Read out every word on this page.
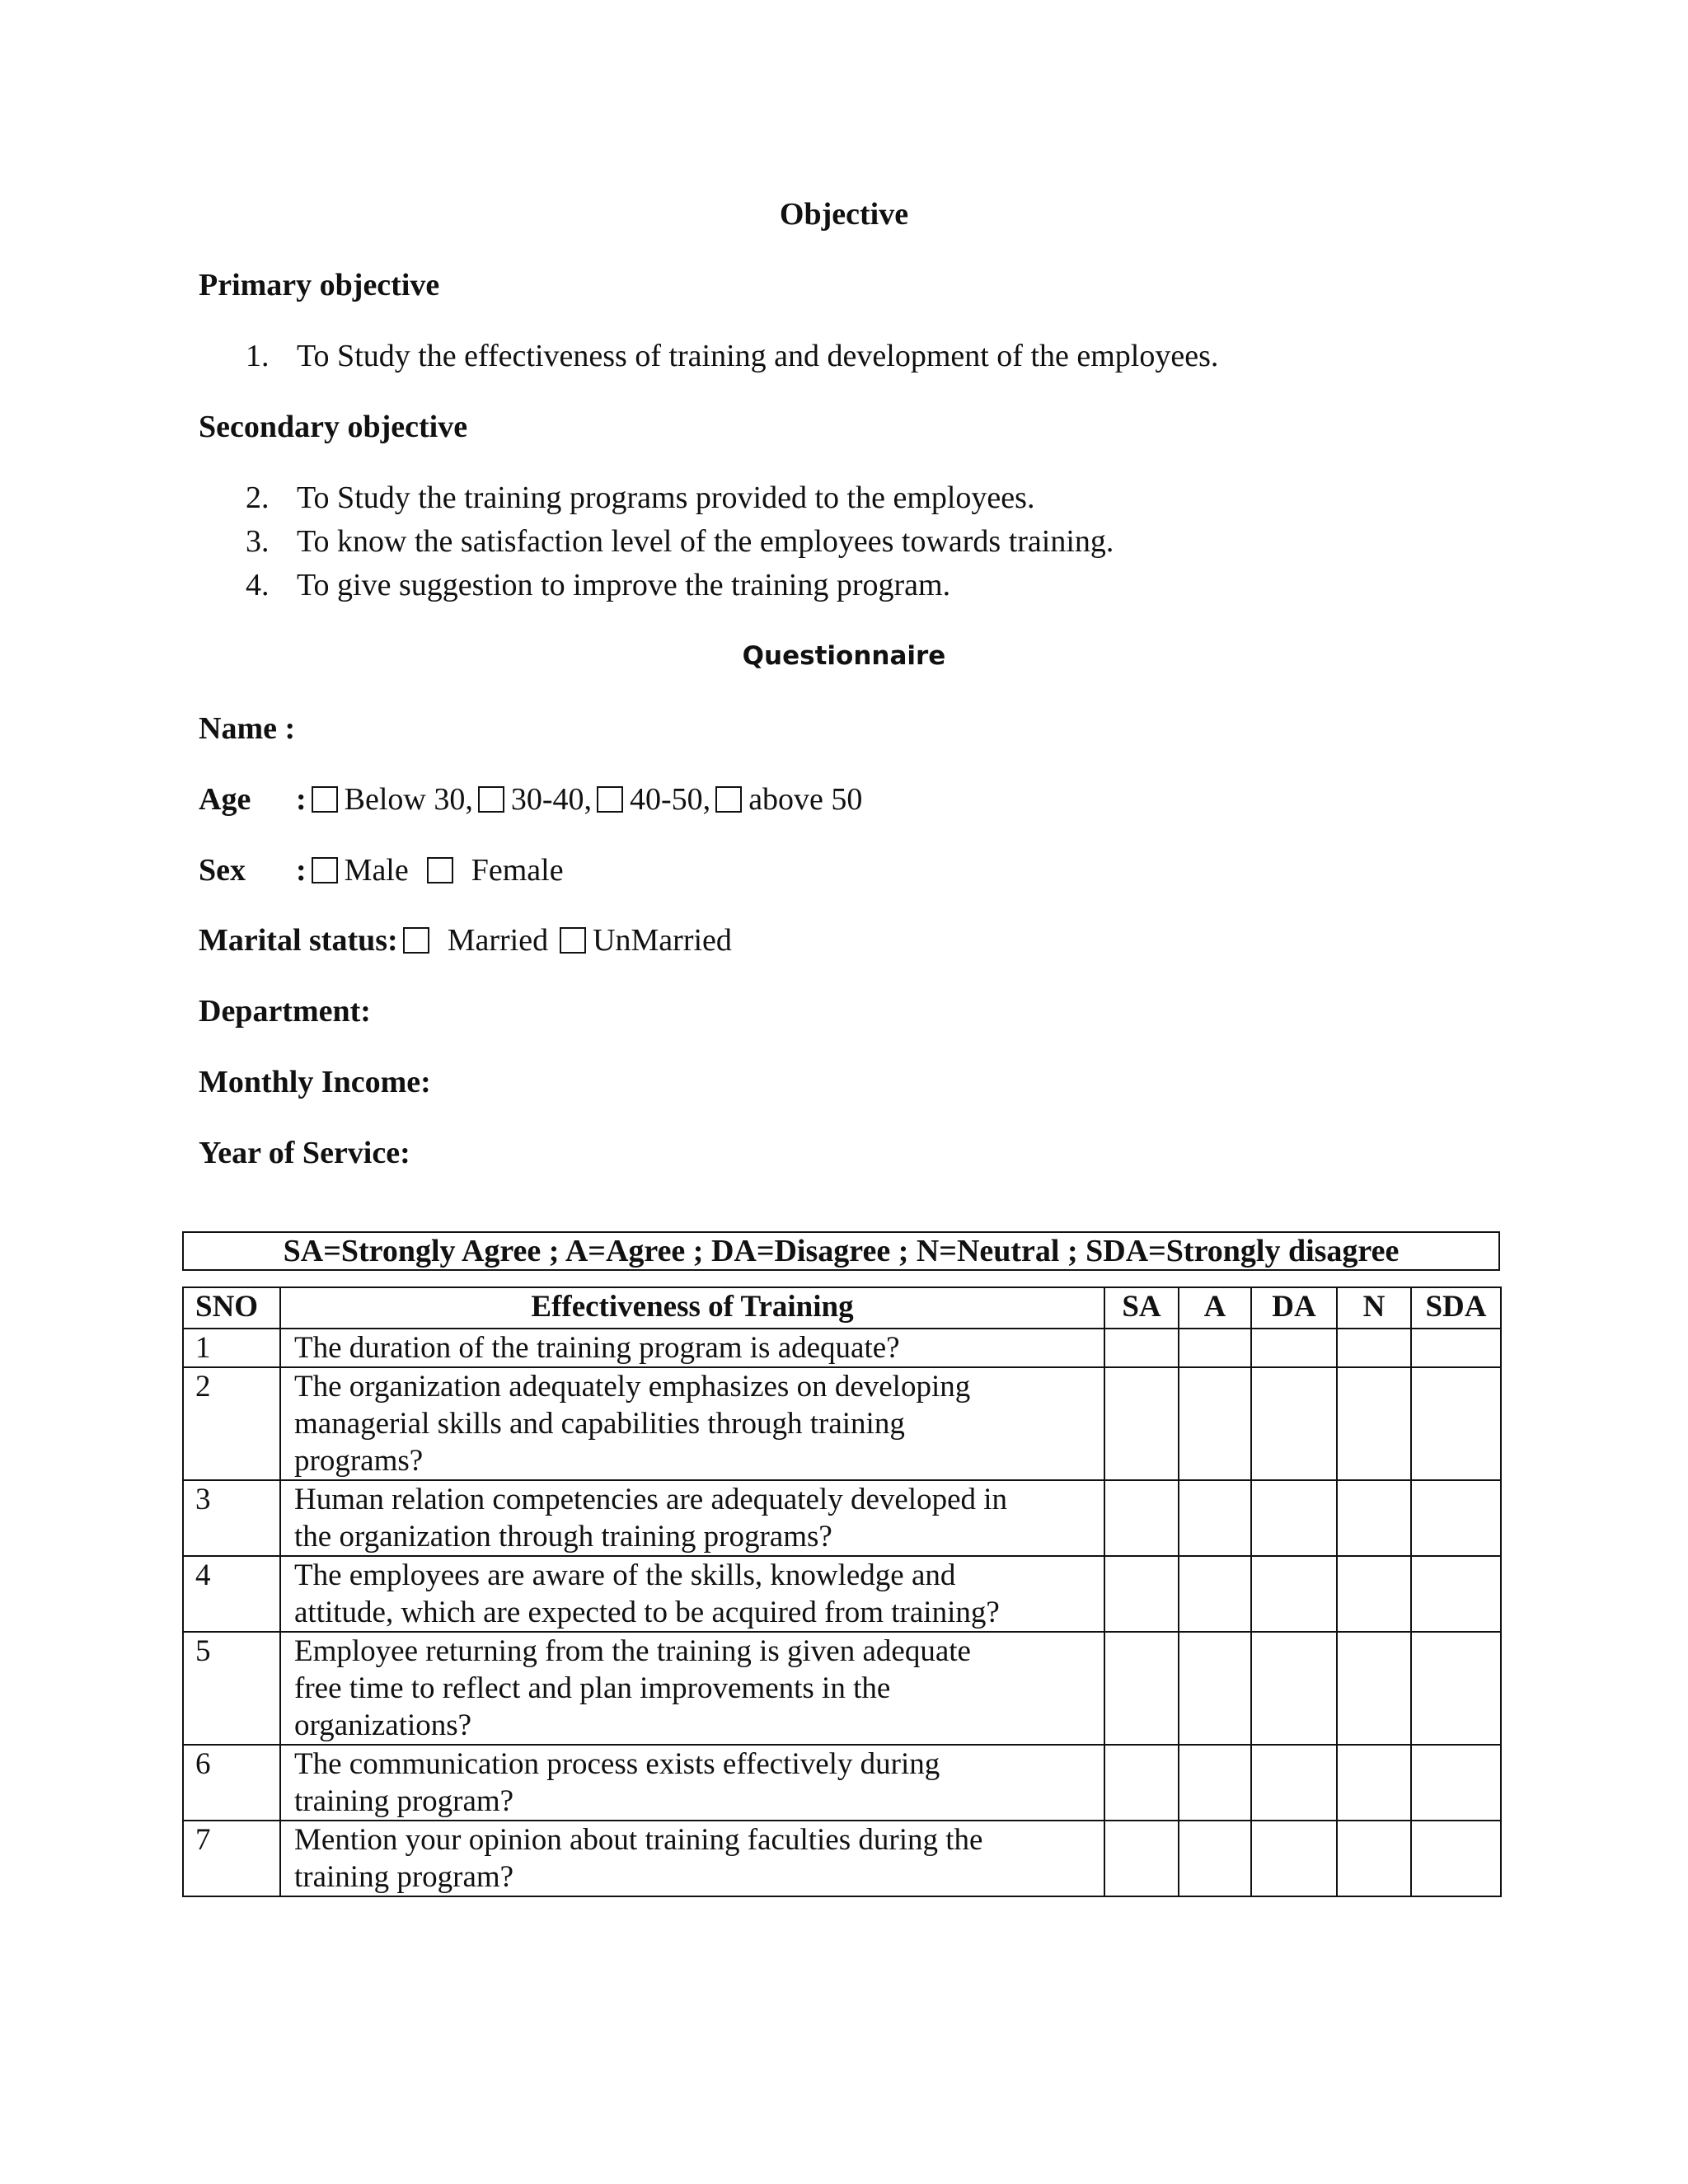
Objective
Primary objective
1. To Study the effectiveness of training and development of the employees.
Secondary objective
2. To Study the training programs provided to the employees.
3. To know the satisfaction level of the employees towards training.
4. To give suggestion to improve the training program.
Questionnaire
Name :
Age : Below 30, 30-40, 40-50, above 50
Sex : Male Female
Marital status: Married UnMarried
Department:
Monthly Income:
Year of Service:
SA=Strongly Agree ; A=Agree ; DA=Disagree ; N=Neutral ; SDA=Strongly disagree
SNO	Effectiveness of Training	SA	A	DA	N	SDA
1	The duration of the training program is adequate?					

2	The organization adequately emphasizes on developing
managerial skills and capabilities through training
programs?					

3	Human relation competencies are adequately developed in
the organization through training programs?					

4	The employees are aware of the skills, knowledge and
attitude, which are expected to be acquired from training?					

5	Employee returning from the training is given adequate
free time to reflect and plan improvements in the
organizations?					

6	The communication process exists effectively during
training program?					

7	Mention your opinion about training faculties during the
training program?					
